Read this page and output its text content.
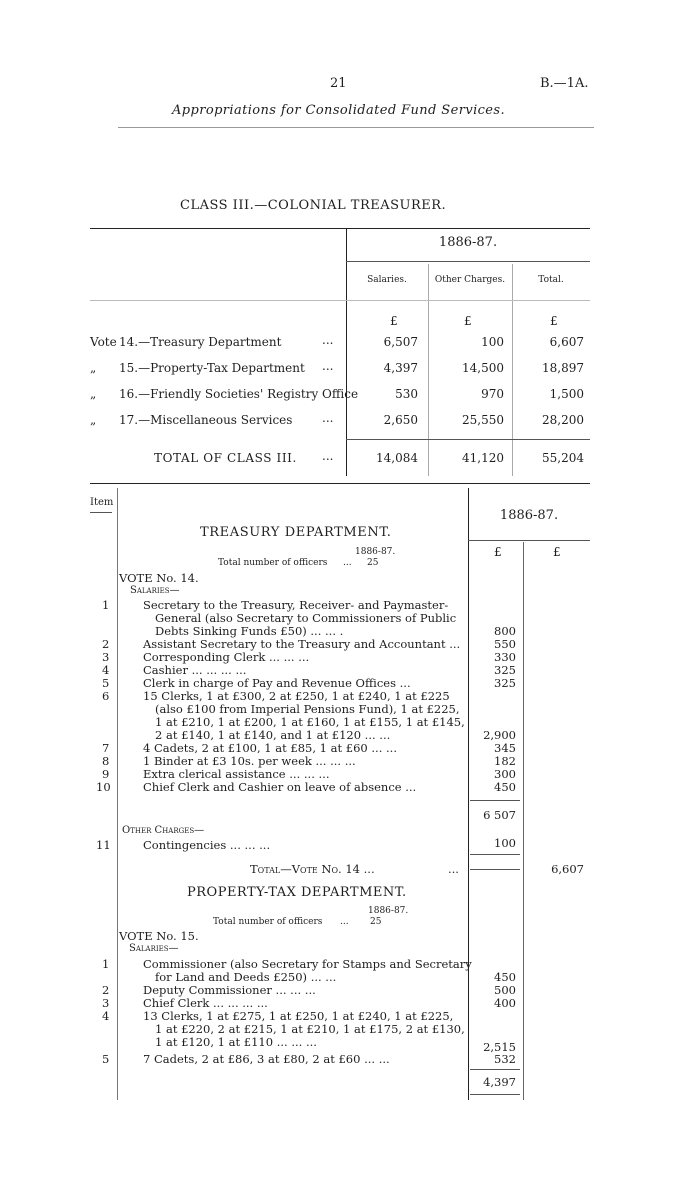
21	B.—1A.
Appropriations for Consolidated Fund Services.
CLASS III.—COLONIAL TREASURER.
1886-87.
Salaries.	Other Charges.	Total.
£	£	£
Vote 14.—Treasury Department	...	6,507	100	6,607
„ 15.—Property-Tax Department ...	4,397	14,500	18,897
„ 16.—Friendly Societies' Registry Office	530	970	1,500
„ 17.—Miscellaneous Services ...	2,650	25,550	28,200
TOTAL OF CLASS III. ...	14,084	41,120	55,204
Item
1886-87.
£	£
TREASURY DEPARTMENT.
1886-87.
Total number of officers ... 25
VOTE No. 14.
Salaries—
1	Secretary to the Treasury, Receiver- and Paymaster-
General (also Secretary to Commissioners of Public
Debts Sinking Funds £50) ... ... .	800
2	Assistant Secretary to the Treasury and Accountant ...	550
3	Corresponding Clerk ... ... ...	330
4	Cashier ... ... ... ...	325
5	Clerk in charge of Pay and Revenue Offices ...	325
6	15 Clerks, 1 at £300, 2 at £250, 1 at £240, 1 at £225
(also £100 from Imperial Pensions Fund), 1 at £225,
1 at £210, 1 at £200, 1 at £160, 1 at £155, 1 at £145,
2 at £140, 1 at £140, and 1 at £120 ... ...	2,900
7	4 Cadets, 2 at £100, 1 at £85, 1 at £60 ... ...	345
8	1 Binder at £3 10s. per week ... ... ...	182
9	Extra clerical assistance ... ... ...	300
10	Chief Clerk and Cashier on leave of absence ...	450
6 507
Other Charges—
11	Contingencies ... ... ...	100
Total—Vote No. 14 ...	...	6,607
PROPERTY-TAX DEPARTMENT.
1886-87.
Total number of officers ... 25
VOTE No. 15.
Salaries—
1	Commissioner (also Secretary for Stamps and Secretary
for Land and Deeds £250) ... ...	450
2	Deputy Commissioner ... ... ...	500
3	Chief Clerk ... ... ... ...	400
4	13 Clerks, 1 at £275, 1 at £250, 1 at £240, 1 at £225,
1 at £220, 2 at £215, 1 at £210, 1 at £175, 2 at £130,
1 at £120, 1 at £110 ... ... ...	2,515
5	7 Cadets, 2 at £86, 3 at £80, 2 at £60 ... ...	532
4,397
